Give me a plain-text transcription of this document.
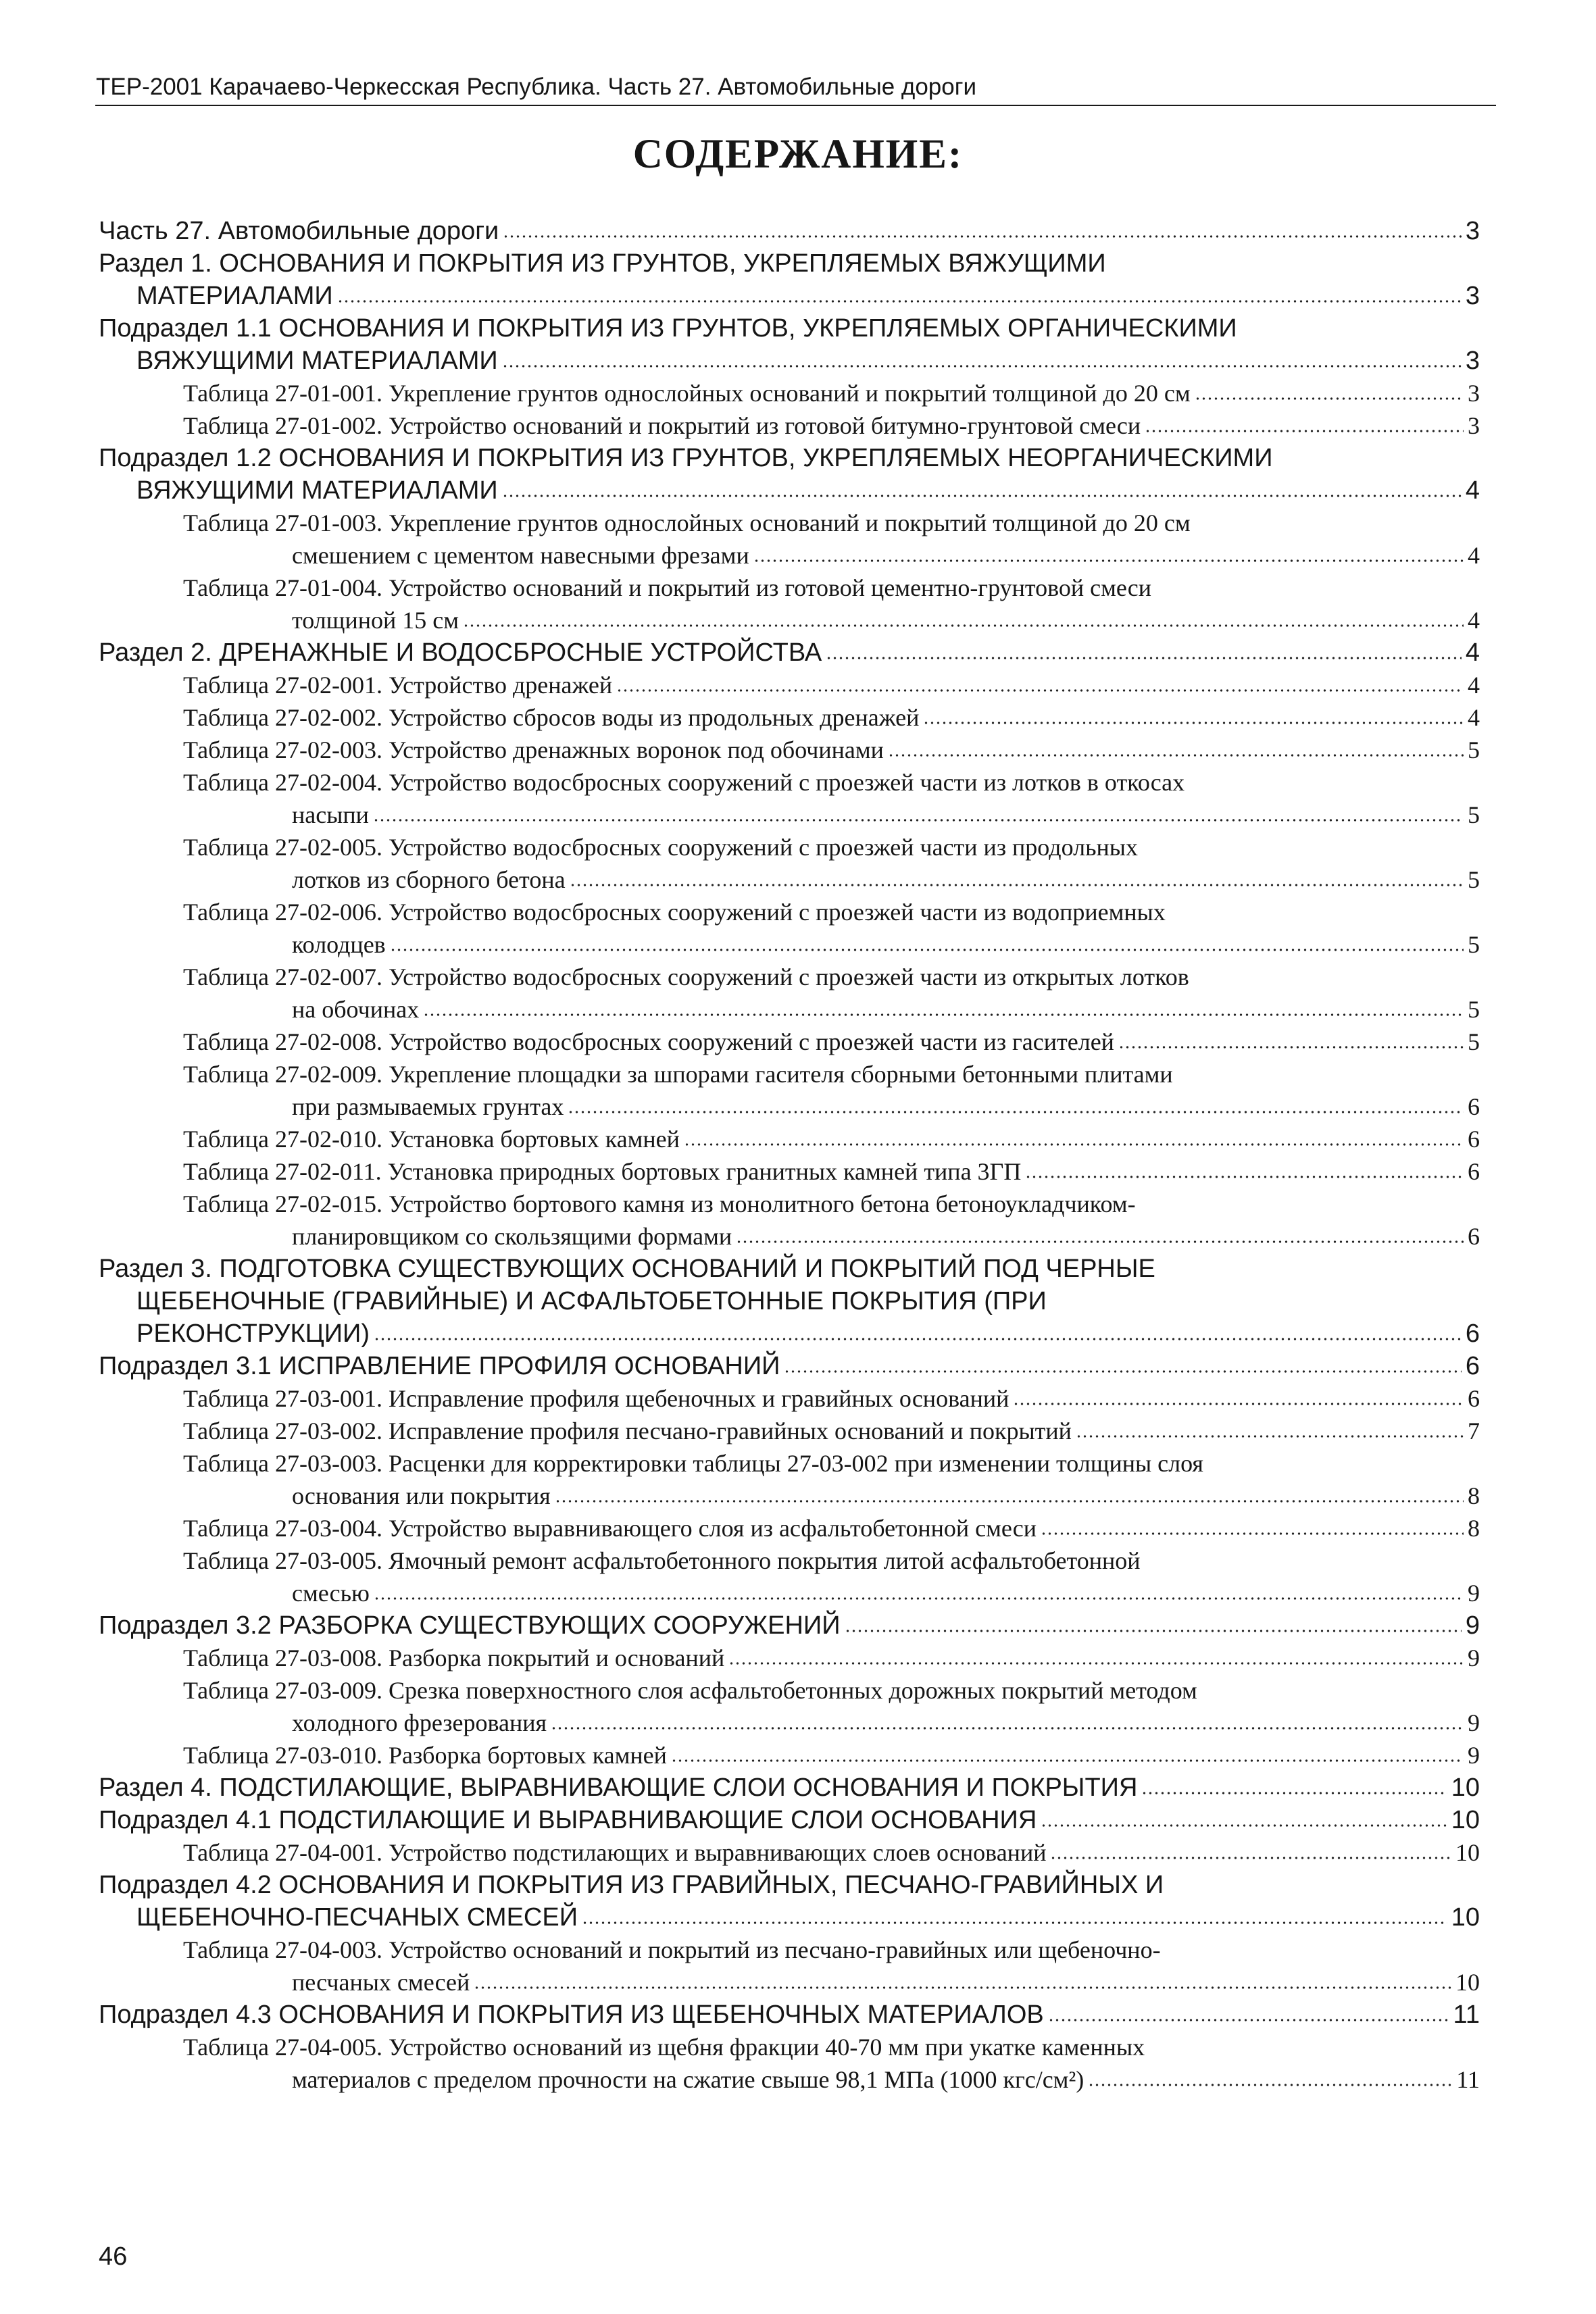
ТЕР-2001 Карачаево-Черкесская Республика. Часть 27. Автомобильные дороги
СОДЕРЖАНИЕ:
Часть 27. Автомобильные дороги	3
Раздел 1. ОСНОВАНИЯ И ПОКРЫТИЯ ИЗ ГРУНТОВ, УКРЕПЛЯЕМЫХ ВЯЖУЩИМИ
МАТЕРИАЛАМИ	3
Подраздел 1.1 ОСНОВАНИЯ И ПОКРЫТИЯ ИЗ ГРУНТОВ, УКРЕПЛЯЕМЫХ ОРГАНИЧЕСКИМИ
ВЯЖУЩИМИ МАТЕРИАЛАМИ	3
Таблица 27-01-001. Укрепление грунтов однослойных оснований и покрытий толщиной до 20 см	3
Таблица 27-01-002. Устройство оснований и покрытий из готовой битумно-грунтовой смеси	3
Подраздел 1.2 ОСНОВАНИЯ И ПОКРЫТИЯ ИЗ ГРУНТОВ, УКРЕПЛЯЕМЫХ НЕОРГАНИЧЕСКИМИ
ВЯЖУЩИМИ МАТЕРИАЛАМИ	4
Таблица 27-01-003. Укрепление грунтов однослойных оснований и покрытий толщиной до 20 см
смешением с цементом навесными фрезами	4
Таблица 27-01-004. Устройство оснований и покрытий из готовой цементно-грунтовой смеси
толщиной 15 см	4
Раздел 2. ДРЕНАЖНЫЕ И ВОДОСБРОСНЫЕ УСТРОЙСТВА	4
Таблица 27-02-001. Устройство дренажей	4
Таблица 27-02-002. Устройство сбросов воды из продольных дренажей	4
Таблица 27-02-003. Устройство дренажных воронок под обочинами	5
Таблица 27-02-004. Устройство водосбросных сооружений с проезжей части из лотков в откосах
насыпи	5
Таблица 27-02-005. Устройство водосбросных сооружений с проезжей части из продольных
лотков из сборного бетона	5
Таблица 27-02-006. Устройство водосбросных сооружений с проезжей части из водоприемных
колодцев	5
Таблица 27-02-007. Устройство водосбросных сооружений с проезжей части из открытых лотков
на обочинах	5
Таблица 27-02-008. Устройство водосбросных сооружений с проезжей части из гасителей	5
Таблица 27-02-009. Укрепление площадки за шпорами гасителя сборными бетонными плитами
при размываемых грунтах	6
Таблица 27-02-010. Установка бортовых камней	6
Таблица 27-02-011. Установка природных бортовых гранитных камней типа 3ГП	6
Таблица 27-02-015. Устройство бортового камня из монолитного бетона бетоноукладчиком-
планировщиком со скользящими формами	6
Раздел 3. ПОДГОТОВКА СУЩЕСТВУЮЩИХ ОСНОВАНИЙ И ПОКРЫТИЙ ПОД ЧЕРНЫЕ
ЩЕБЕНОЧНЫЕ (ГРАВИЙНЫЕ) И АСФАЛЬТОБЕТОННЫЕ ПОКРЫТИЯ (ПРИ
РЕКОНСТРУКЦИИ)	6
Подраздел 3.1 ИСПРАВЛЕНИЕ ПРОФИЛЯ ОСНОВАНИЙ	6
Таблица 27-03-001. Исправление профиля щебеночных и гравийных оснований	6
Таблица 27-03-002. Исправление профиля песчано-гравийных оснований и покрытий	7
Таблица 27-03-003. Расценки для корректировки таблицы 27-03-002 при изменении толщины слоя
основания или покрытия	8
Таблица 27-03-004. Устройство выравнивающего слоя из асфальтобетонной смеси	8
Таблица 27-03-005. Ямочный ремонт асфальтобетонного покрытия литой асфальтобетонной
смесью	9
Подраздел 3.2 РАЗБОРКА СУЩЕСТВУЮЩИХ СООРУЖЕНИЙ	9
Таблица 27-03-008. Разборка покрытий и оснований	9
Таблица 27-03-009. Срезка поверхностного слоя асфальтобетонных дорожных покрытий методом
холодного фрезерования	9
Таблица 27-03-010. Разборка бортовых камней	9
Раздел 4. ПОДСТИЛАЮЩИЕ, ВЫРАВНИВАЮЩИЕ СЛОИ ОСНОВАНИЯ И ПОКРЫТИЯ	10
Подраздел 4.1 ПОДСТИЛАЮЩИЕ И ВЫРАВНИВАЮЩИЕ СЛОИ ОСНОВАНИЯ	10
Таблица 27-04-001. Устройство подстилающих и выравнивающих слоев оснований	10
Подраздел 4.2 ОСНОВАНИЯ И ПОКРЫТИЯ ИЗ ГРАВИЙНЫХ, ПЕСЧАНО-ГРАВИЙНЫХ И
ЩЕБЕНОЧНО-ПЕСЧАНЫХ СМЕСЕЙ	10
Таблица 27-04-003. Устройство оснований и покрытий из песчано-гравийных или щебеночно-
песчаных смесей	10
Подраздел 4.3 ОСНОВАНИЯ И ПОКРЫТИЯ ИЗ ЩЕБЕНОЧНЫХ МАТЕРИАЛОВ	11
Таблица 27-04-005. Устройство оснований из щебня фракции 40-70 мм при укатке каменных
материалов с пределом прочности на сжатие свыше 98,1 МПа (1000 кгс/см²)	11
46
